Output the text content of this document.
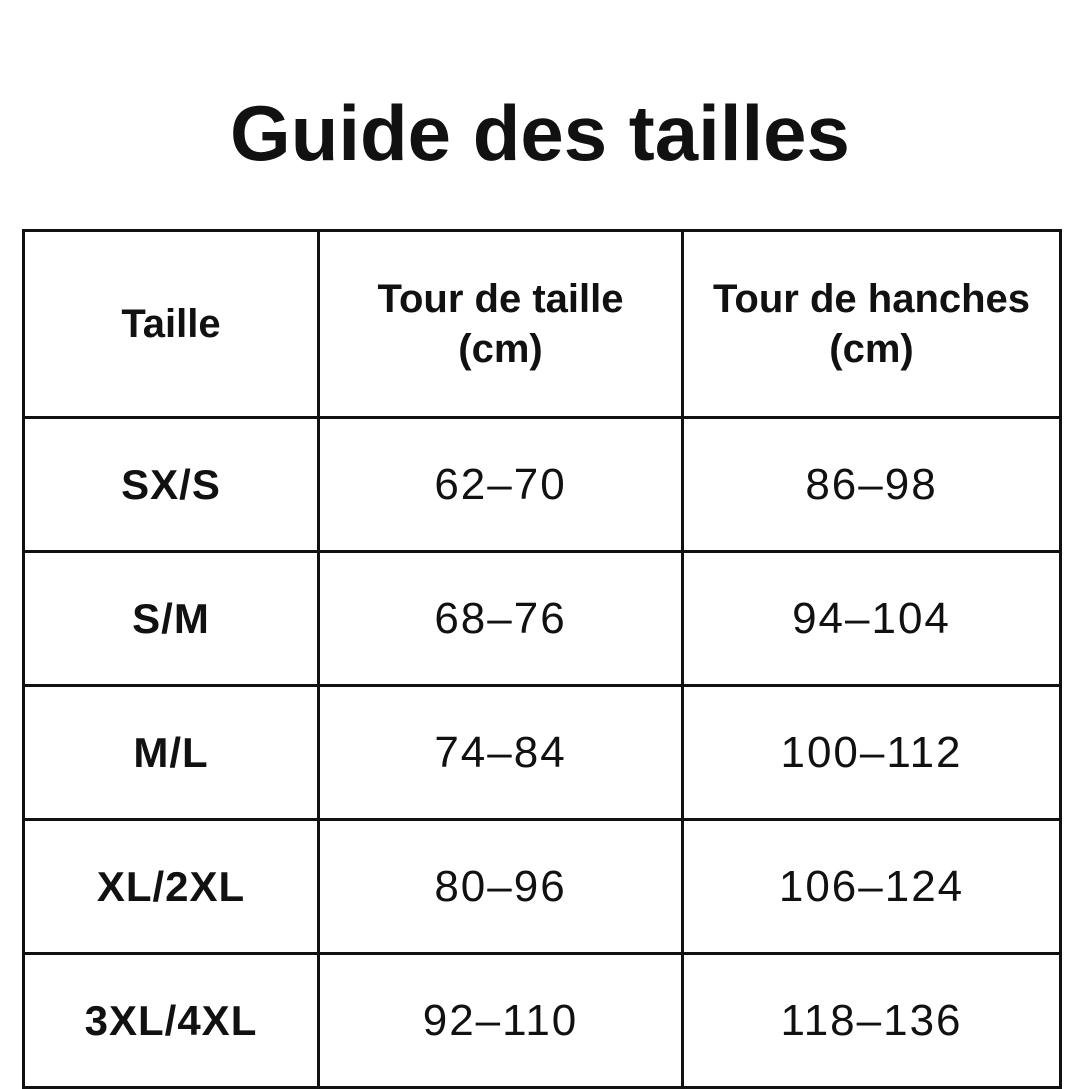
Guide des tailles
Taille	Tour de taille (cm)	Tour de hanches (cm)
SX/S	62–70	86–98
S/M	68–76	94–104
M/L	74–84	100–112
XL/2XL	80–96	106–124
3XL/4XL	92–110	118–136
